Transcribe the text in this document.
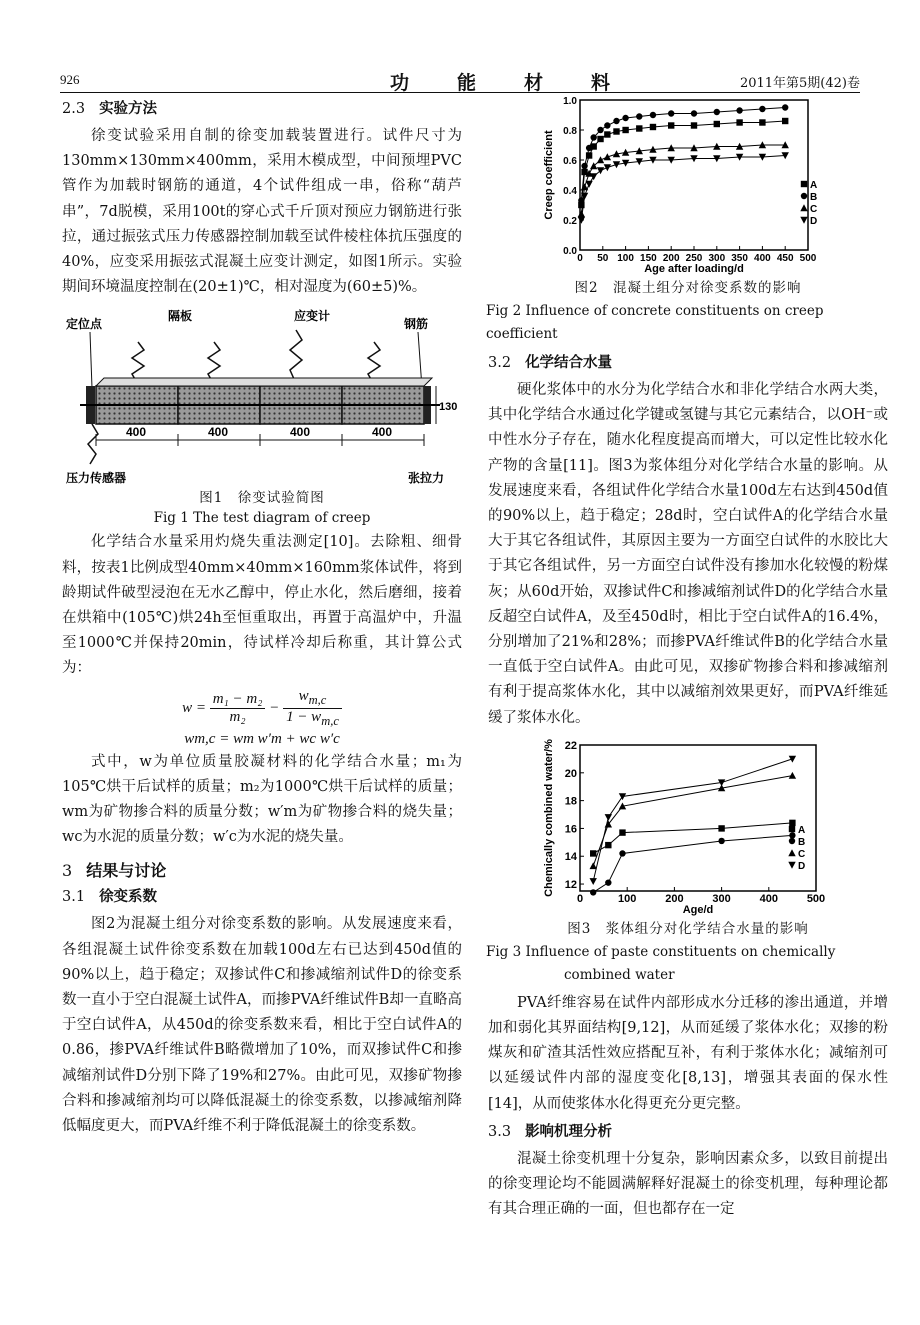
926	功能材料	2011年第5期(42)卷
2.3 实验方法

徐变试验采用自制的徐变加载装置进行。试件尺寸为130mm×130mm×400mm，采用木模成型，中间预埋PVC管作为加载时钢筋的通道，4个试件组成一串，俗称“葫芦串”，7d脱模，采用100t的穿心式千斤顶对预应力钢筋进行张拉，通过振弦式压力传感器控制加载至试件棱柱体抗压强度的40%，应变采用振弦式混凝土应变计测定，如图1所示。实验期间环境温度控制在(20±1)℃，相对湿度为(60±5)%。

定位点
隔板	应变计
钢筋
130
400	400	400	400
压力传感器	张拉力
图1　徐变试验简图
Fig 1 The test diagram of creep

化学结合水量采用灼烧失重法测定[10]。去除粗、细骨料，按表1比例成型40mm×40mm×160mm浆体试件，将到龄期试件破型浸泡在无水乙醇中，停止水化，然后磨细，接着在烘箱中(105℃)烘24h至恒重取出，再置于高温炉中，升温至1000℃并保持20min，待试样冷却后称重，其计算公式为：

$w = \frac{\text{m₁ − m₂}}{\text{m₂}} - \frac{w_{m,c}}{1 - w_{m,c}}$
wm,c = wm w′m + wc w′c

式中，w为单位质量胶凝材料的化学结合水量；m₁为105℃烘干后试样的质量；m₂为1000℃烘干后试样的质量；wm为矿物掺合料的质量分数；w′m为矿物掺合料的烧失量；wc为水泥的质量分数；w′c为水泥的烧失量。

3 结果与讨论
3.1 徐变系数

图2为混凝土组分对徐变系数的影响。从发展速度来看，各组混凝土试件徐变系数在加载100d左右已达到450d值的90%以上，趋于稳定；双掺试件C和掺减缩剂试件D的徐变系数一直小于空白混凝土试件A，而掺PVA纤维试件B却一直略高于空白试件A，从450d的徐变系数来看，相比于空白试件A的0.86，掺PVA纤维试件B略微增加了10%，而双掺试件C和掺减缩剂试件D分别下降了19%和27%。由此可见，双掺矿物掺合料和掺减缩剂均可以降低混凝土的徐变系数，以掺减缩剂降低幅度更大，而PVA纤维不利于降低混凝土的徐变系数。

0 50 100 150 200 250 300 350 400 450 500
0.0
0.2
0.4
0.6
0.8
1.0
Age after loading/d
Creep coefficient	A
B
C
D
图2　混凝土组分对徐变系数的影响
Fig 2 Influence of concrete constituents on creep coefficient
3.2 化学结合水量

硬化浆体中的水分为化学结合水和非化学结合水两大类，其中化学结合水通过化学键或氢键与其它元素结合，以OH⁻或中性水分子存在，随水化程度提高而增大，可以定性比较水化产物的含量[11]。图3为浆体组分对化学结合水量的影响。从发展速度来看，各组试件化学结合水量100d左右达到450d值的90%以上，趋于稳定；28d时，空白试件A的化学结合水量大于其它各组试件，其原因主要为一方面空白试件的水胶比大于其它各组试件，另一方面空白试件没有掺加水化较慢的粉煤灰；从60d开始，双掺试件C和掺减缩剂试件D的化学结合水量反超空白试件A，及至450d时，相比于空白试件A的16.4%，分别增加了21%和28%；而掺PVA纤维试件B的化学结合水量一直低于空白试件A。由此可见，双掺矿物掺合料和掺减缩剂有利于提高浆体水化，其中以减缩剂效果更好，而PVA纤维延缓了浆体水化。

0	100	200	300	400	500
12
14
16
18
20
22
Age/d
Chemically combined water/%	A
B
C
D
图3　浆体组分对化学结合水量的影响
Fig 3 Influence of paste constituents on chemically
combined water

PVA纤维容易在试件内部形成水分迁移的渗出通道，并增加和弱化其界面结构[9,12]，从而延缓了浆体水化；双掺的粉煤灰和矿渣其活性效应搭配互补，有利于浆体水化；减缩剂可以延缓试件内部的湿度变化[8,13]，增强其表面的保水性[14]，从而使浆体水化得更充分更完整。

3.3 影响机理分析

混凝土徐变机理十分复杂，影响因素众多，以致目前提出的徐变理论均不能圆满解释好混凝土的徐变机理，每种理论都有其合理正确的一面，但也都存在一定
